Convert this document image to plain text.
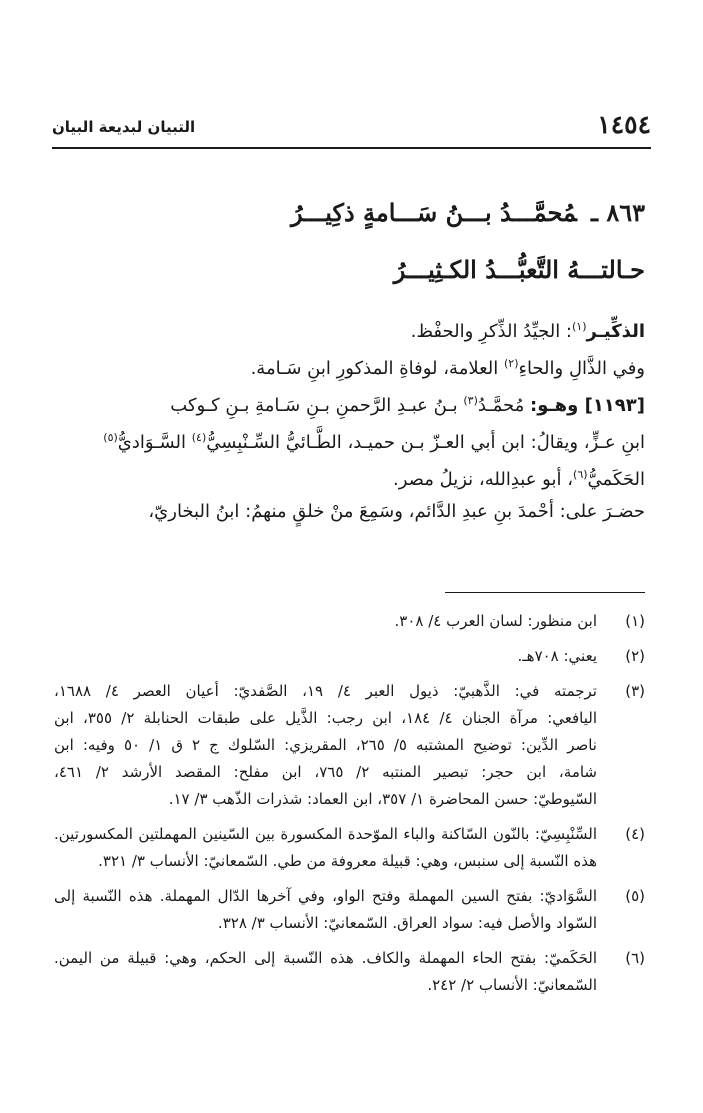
١٤٥٤
التبيان لبديعة البيان
٨٦٣ ـمُحمَّـــدُ بـــنُ سَـــامةٍ ذكِيـــرُ
حـالتـــهُ التَّعبُّـــدُ الكـثِيـــرُ
الذكِّيـر$^{(١)}$: الجيِّدُ الذِّكرِ والحفْظ.
وفي الذَّالِ والحاءِ$^{(٢)}$ العلامة، لوفاةِ المذكورِ ابنِ سَـامة.
[١١٩٣] وهـو: مُحمَّـدُ$^{(٣)}$ بـنُ عبـدِ الرَّحمنِ بـنِ سَـامةِ بـنِ كـوكب
ابنِ عـزٍّ، ويقالُ: ابن أبي العـزّ بـن حميـد، الطَّـائيُّ السِّـنْبِسِيُّ$^{(٤)}$ السَّـوَاديُّ$^{(٥)}$
الحَكَميُّ$^{(٦)}$، أبو عبدِالله، نزيلُ مصر.
حضـرَ على: أحْمدَ بنِ عبدِ الدَّائم، وسَمِعَ منْ خلقٍ منهمُ: ابنُ البخاريّ،
(١)
ابن منظور: لسان العرب ٤/ ٣٠٨.
(٢)
يعني: ٧٠٨هـ.
(٣)
ترجمته في: الذَّهبيّ: ذيول العبر ٤/ ١٩، الصَّفديّ: أعيان العصر ٤/ ١٦٨٨،
اليافعي: مرآة الجنان ٤/ ١٨٤، ابن رجب: الذَّيل على طبقات الحنابلة ٢/ ٣٥٥، ابن
ناصر الدِّين: توضيح المشتبه ٥/ ٢٦٥، المقريزي: السّلوك ج ٢ ق ١/ ٥٠ وفيه: ابن
شامة، ابن حجر: تبصير المنتبه ٢/ ٧٦٥، ابن مفلح: المقصد الأرشد ٢/ ٤٦١،
السّيوطيّ: حسن المحاضرة ١/ ٣٥٧، ابن العماد: شذرات الذّهب ٣/ ١٧.
(٤)
السِّنْبِسِيّ: بالنّون السّاكنة والباء الموّحدة المكسورة بين السّينين المهملتين المكسورتين.
هذه النّسبة إلى سنبس، وهي: قبيلة معروفة من طي. السّمعانيّ: الأنساب ٣/ ٣٢١.
(٥)
السَّوَاديّ: بفتح السين المهملة وفتح الواو، وفي آخرها الدّال المهملة. هذه النّسبة إلى
السّواد والأصل فيه: سواد العراق. السّمعانيّ: الأنساب ٣/ ٣٢٨.
(٦)
الحَكَميّ: بفتح الحاء المهملة والكاف. هذه النّسبة إلى الحكم، وهي: قبيلة من اليمن.
السّمعانيّ: الأنساب ٢/ ٢٤٢.
